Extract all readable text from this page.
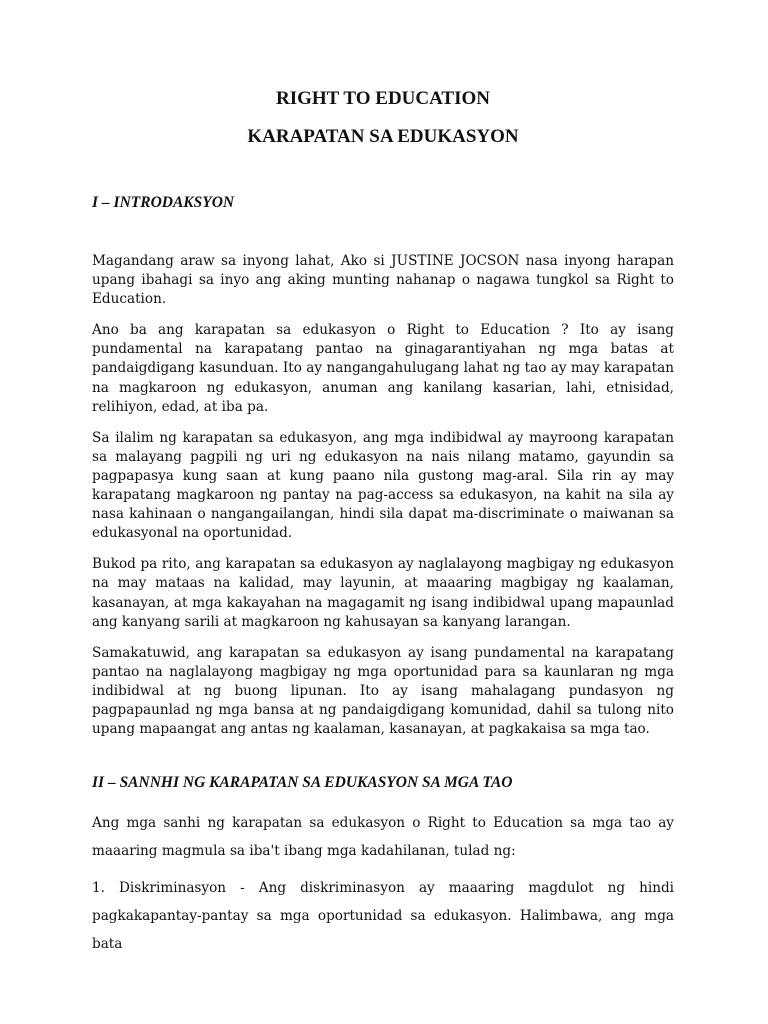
RIGHT TO EDUCATION
KARAPATAN SA EDUKASYON
I – INTRODAKSYON

Magandang araw sa inyong lahat, Ako si JUSTINE JOCSON nasa inyong harapan upang ibahagi sa inyo ang aking munting nahanap o nagawa tungkol sa Right to Education.

Ano ba ang karapatan sa edukasyon o Right to Education ? Ito ay isang pundamental na karapatang pantao na ginagarantiyahan ng mga batas at pandaigdigang kasunduan. Ito ay nangangahulugang lahat ng tao ay may karapatan na magkaroon ng edukasyon, anuman ang kanilang kasarian, lahi, etnisidad, relihiyon, edad, at iba pa.

Sa ilalim ng karapatan sa edukasyon, ang mga indibidwal ay mayroong karapatan sa malayang pagpili ng uri ng edukasyon na nais nilang matamo, gayundin sa pagpapasya kung saan at kung paano nila gustong mag-aral. Sila rin ay may karapatang magkaroon ng pantay na pag-access sa edukasyon, na kahit na sila ay nasa kahinaan o nangangailangan, hindi sila dapat ma-discriminate o maiwanan sa edukasyonal na oportunidad.

Bukod pa rito, ang karapatan sa edukasyon ay naglalayong magbigay ng edukasyon na may mataas na kalidad, may layunin, at maaaring magbigay ng kaalaman, kasanayan, at mga kakayahan na magagamit ng isang indibidwal upang mapaunlad ang kanyang sarili at magkaroon ng kahusayan sa kanyang larangan.

Samakatuwid, ang karapatan sa edukasyon ay isang pundamental na karapatang pantao na naglalayong magbigay ng mga oportunidad para sa kaunlaran ng mga indibidwal at ng buong lipunan. Ito ay isang mahalagang pundasyon ng pagpapaunlad ng mga bansa at ng pandaigdigang komunidad, dahil sa tulong nito upang mapaangat ang antas ng kaalaman, kasanayan, at pagkakaisa sa mga tao.

II – SANNHI NG KARAPATAN SA EDUKASYON SA MGA TAO

Ang mga sanhi ng karapatan sa edukasyon o Right to Education sa mga tao ay maaaring magmula sa iba't ibang mga kadahilanan, tulad ng:

1. Diskriminasyon - Ang diskriminasyon ay maaaring magdulot ng hindi pagkakapantay-pantay sa mga oportunidad sa edukasyon. Halimbawa, ang mga bata
